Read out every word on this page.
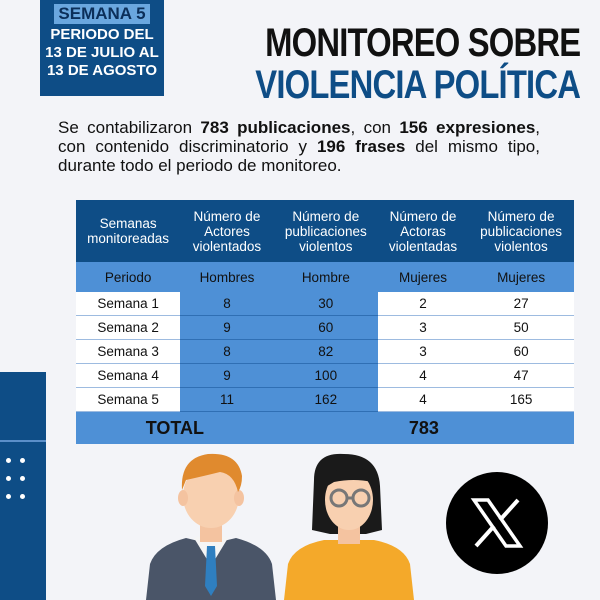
SEMANA 5
PERIODO DEL
13 DE JULIO AL
13 DE AGOSTO
MONITOREO SOBRE
VIOLENCIA POLÍTICA

Se contabilizaron 783 publicaciones, con 156 expresiones, con contenido discriminatorio y 196 frases del mismo tipo, durante todo el periodo de monitoreo.

Semanas monitoreadas	Número de Actores violentados	Número de publicaciones violentos	Número de Actoras violentadas	Número de publicaciones violentos
Periodo	Hombres	Hombre	Mujeres	Mujeres
Semana 1	8	30	2	27
Semana 2	9	60	3	50
Semana 3	8	82	3	60
Semana 4	9	100	4	47
Semana 5	11	162	4	165
TOTAL		783		
